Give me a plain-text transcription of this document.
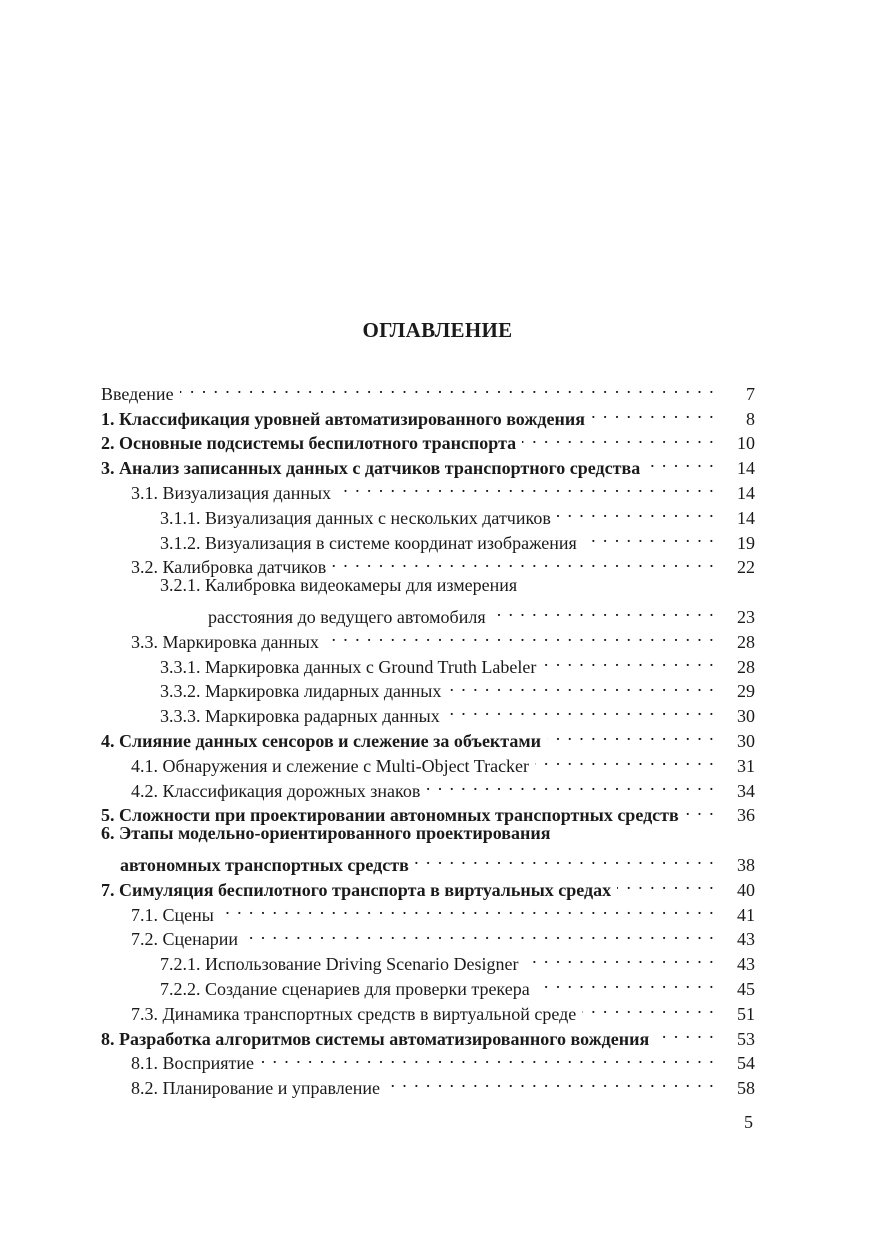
ОГЛАВЛЕНИЕ
Введение . . .	7
1. Классификация уровней автоматизированного вождения . . .	8
2. Основные подсистемы беспилотного транспорта . . .	10
3. Анализ записанных данных с датчиков транспортного средства . . .	14
3.1. Визуализация данных . . .	14
3.1.1. Визуализация данных с нескольких датчиков . . .	14
3.1.2. Визуализация в системе координат изображения . . .	19
3.2. Калибровка датчиков . . .	22
3.2.1. Калибровка видеокамеры для измерения
расстояния до ведущего автомобиля . . .	23
3.3. Маркировка данных . . .	28
3.3.1. Маркировка данных с Ground Truth Labeler . . .	28
3.3.2. Маркировка лидарных данных . . .	29
3.3.3. Маркировка радарных данных . . .	30
4. Слияние данных сенсоров и слежение за объектами . . .	30
4.1. Обнаружения и слежение с Multi-Object Tracker . . .	31
4.2. Классификация дорожных знаков . . .	34
5. Сложности при проектировании автономных транспортных средств . . .	36
6. Этапы модельно-ориентированного проектирования
автономных транспортных средств . . .	38
7. Симуляция беспилотного транспорта в виртуальных средах . . .	40
7.1. Сцены . . .	41
7.2. Сценарии . . .	43
7.2.1. Использование Driving Scenario Designer . . .	43
7.2.2. Создание сценариев для проверки трекера . . .	45
7.3. Динамика транспортных средств в виртуальной среде . . .	51
8. Разработка алгоритмов системы автоматизированного вождения . . .	53
8.1. Восприятие . . .	54
8.2. Планирование и управление . . .	58
5
